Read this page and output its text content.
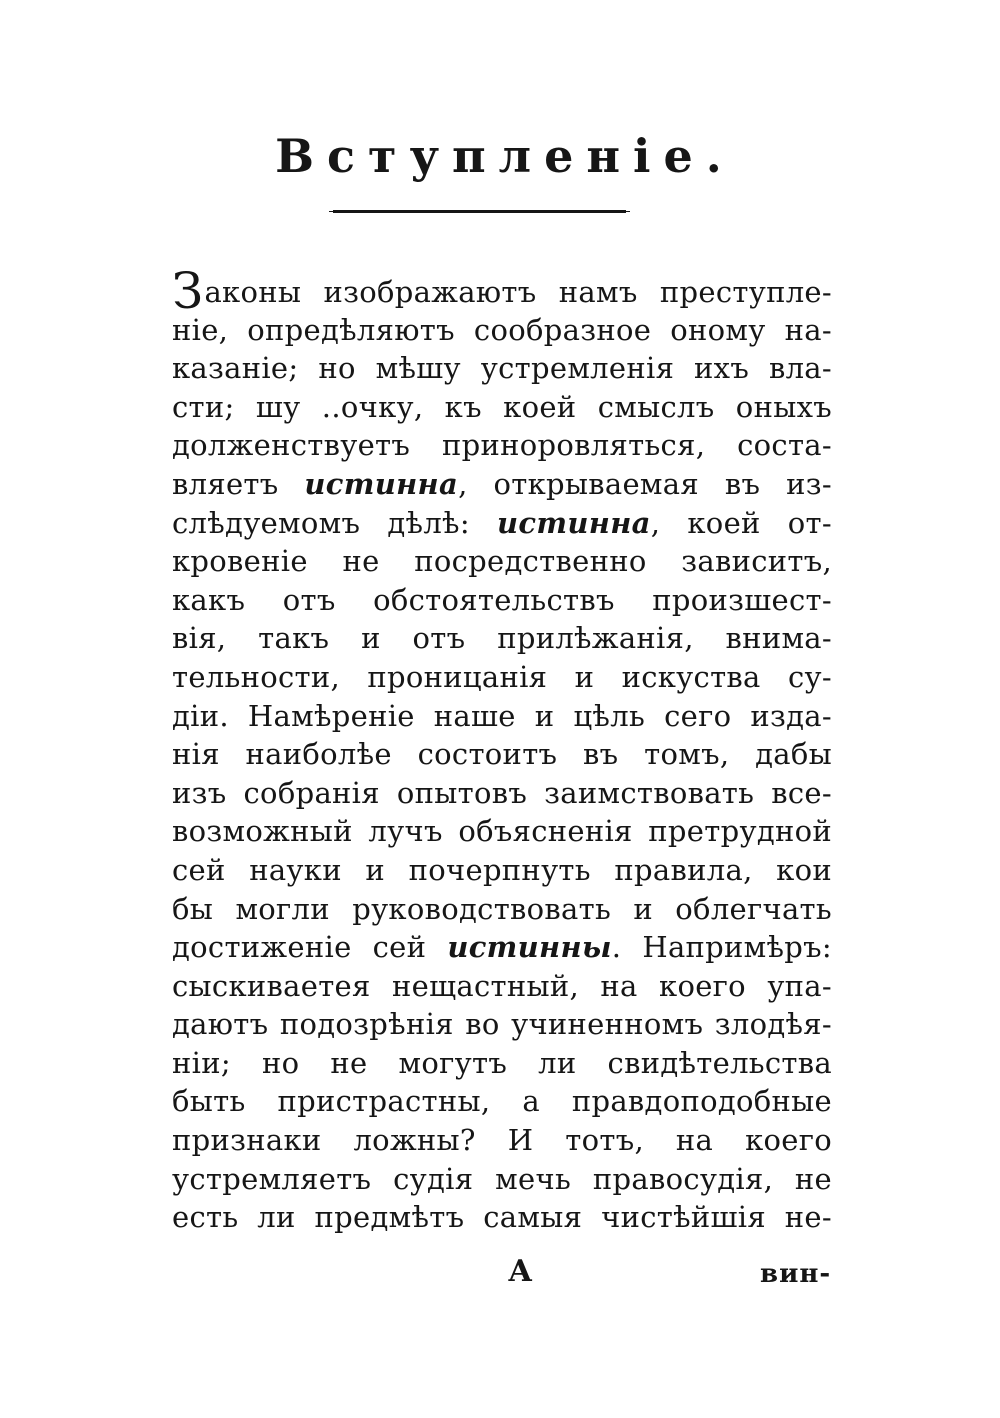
Вступленіе.
Законы изображаютъ намъ преступле-
ніе, опредѣляютъ сообразное оному на-
казаніе; но мѣшу устремленія ихъ вла-
сти; шу ..очку, къ коей смыслъ оныхъ
долженствуетъ приноровляться, соста-
вляетъ истинна, открываемая въ из-
слѣдуемомъ дѣлѣ: истинна, коей от-
кровеніе не посредственно зависитъ,
какъ отъ обстоятельствъ произшест-
вія, такъ и отъ прилѣжанія, внима-
тельности, проницанія и искуства су-
діи. Намѣреніе наше и цѣль сего изда-
нія наиболѣе состоитъ въ томъ, дабы
изъ собранія опытовъ заимствовать все-
возможный лучъ объясненія претрудной
сей науки и почерпнуть правила, кои
бы могли руководствовать и облегчать
достиженіе сей истинны. Напримѣръ:
сыскиваетея нещастный, на коего упа-
даютъ подозрѣнія во учиненномъ злодѣя-
ніи; но не могутъ ли свидѣтельства
быть пристрастны, а правдоподобные
признаки ложны? И тотъ, на коего
устремляетъ судія мечь правосудія, не
есть ли предмѣтъ самыя чистѣйшія не-
А	вин-
